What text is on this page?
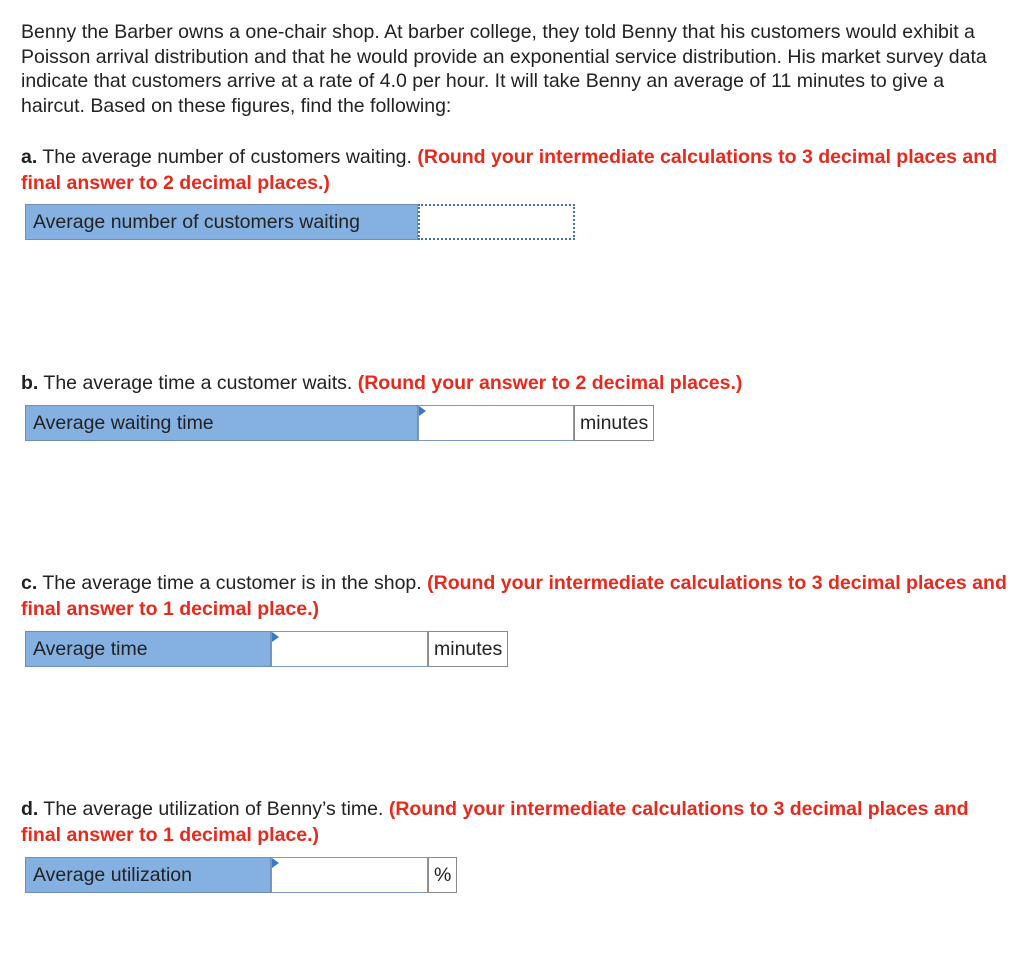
Benny the Barber owns a one-chair shop. At barber college, they told Benny that his customers would exhibit a Poisson arrival distribution and that he would provide an exponential service distribution. His market survey data indicate that customers arrive at a rate of 4.0 per hour. It will take Benny an average of 11 minutes to give a haircut. Based on these figures, find the following:

a. The average number of customers waiting. (Round your intermediate calculations to 3 decimal places and final answer to 2 decimal places.)

Average number of customers waiting

b. The average time a customer waits. (Round your answer to 2 decimal places.)

Average waiting time	minutes

c. The average time a customer is in the shop. (Round your intermediate calculations to 3 decimal places and final answer to 1 decimal place.)

Average time	minutes

d. The average utilization of Benny’s time. (Round your intermediate calculations to 3 decimal places and final answer to 1 decimal place.)

Average utilization	%
